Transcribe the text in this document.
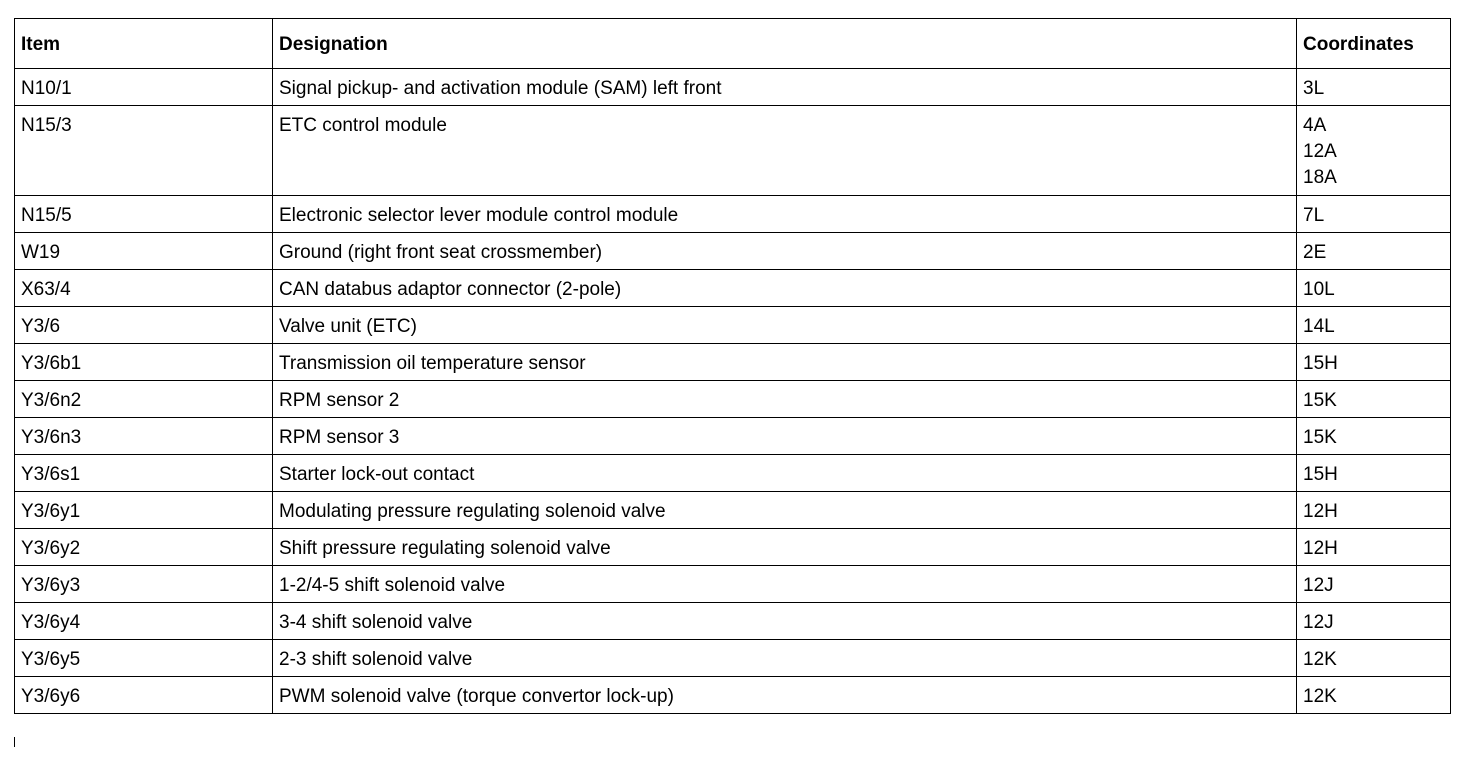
Item	Designation	Coordinates
N10/1	Signal pickup- and activation module (SAM) left front	3L

N15/3	ETC control module	4A
12A
18A

N15/5	Electronic selector lever module control module	7L

W19	Ground (right front seat crossmember)	2E

X63/4	CAN databus adaptor connector (2-pole)	10L

Y3/6	Valve unit (ETC)	14L

Y3/6b1	Transmission oil temperature sensor	15H

Y3/6n2	RPM sensor 2	15K

Y3/6n3	RPM sensor 3	15K

Y3/6s1	Starter lock-out contact	15H

Y3/6y1	Modulating pressure regulating solenoid valve	12H

Y3/6y2	Shift pressure regulating solenoid valve	12H

Y3/6y3	1-2/4-5 shift solenoid valve	12J

Y3/6y4	3-4 shift solenoid valve	12J

Y3/6y5	2-3 shift solenoid valve	12K

Y3/6y6	PWM solenoid valve (torque convertor lock-up)	12K
